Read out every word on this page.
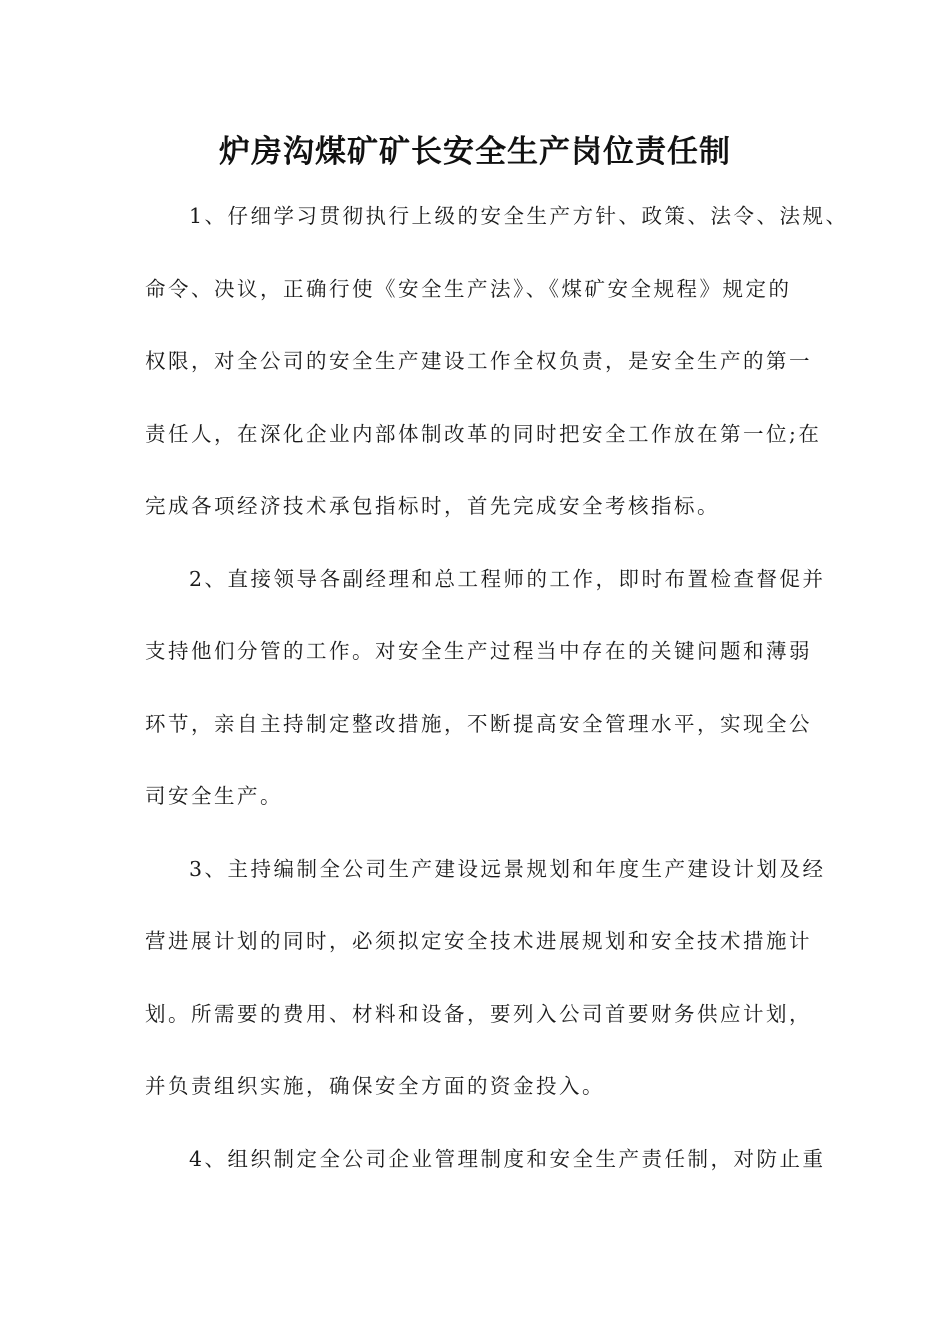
炉房沟煤矿矿长安全生产岗位责任制
1、仔细学习贯彻执行上级的安全生产方针、政策、法令、法规、
命令、决议，正确行使《安全生产法》、《煤矿安全规程》规定的
权限，对全公司的安全生产建设工作全权负责，是安全生产的第一
责任人，在深化企业内部体制改革的同时把安全工作放在第一位;在
完成各项经济技术承包指标时，首先完成安全考核指标。
2、直接领导各副经理和总工程师的工作，即时布置检查督促并
支持他们分管的工作。对安全生产过程当中存在的关键问题和薄弱
环节，亲自主持制定整改措施，不断提高安全管理水平，实现全公
司安全生产。
3、主持编制全公司生产建设远景规划和年度生产建设计划及经
营进展计划的同时，必须拟定安全技术进展规划和安全技术措施计
划。所需要的费用、材料和设备，要列入公司首要财务供应计划，
并负责组织实施，确保安全方面的资金投入。
4、组织制定全公司企业管理制度和安全生产责任制，对防止重
